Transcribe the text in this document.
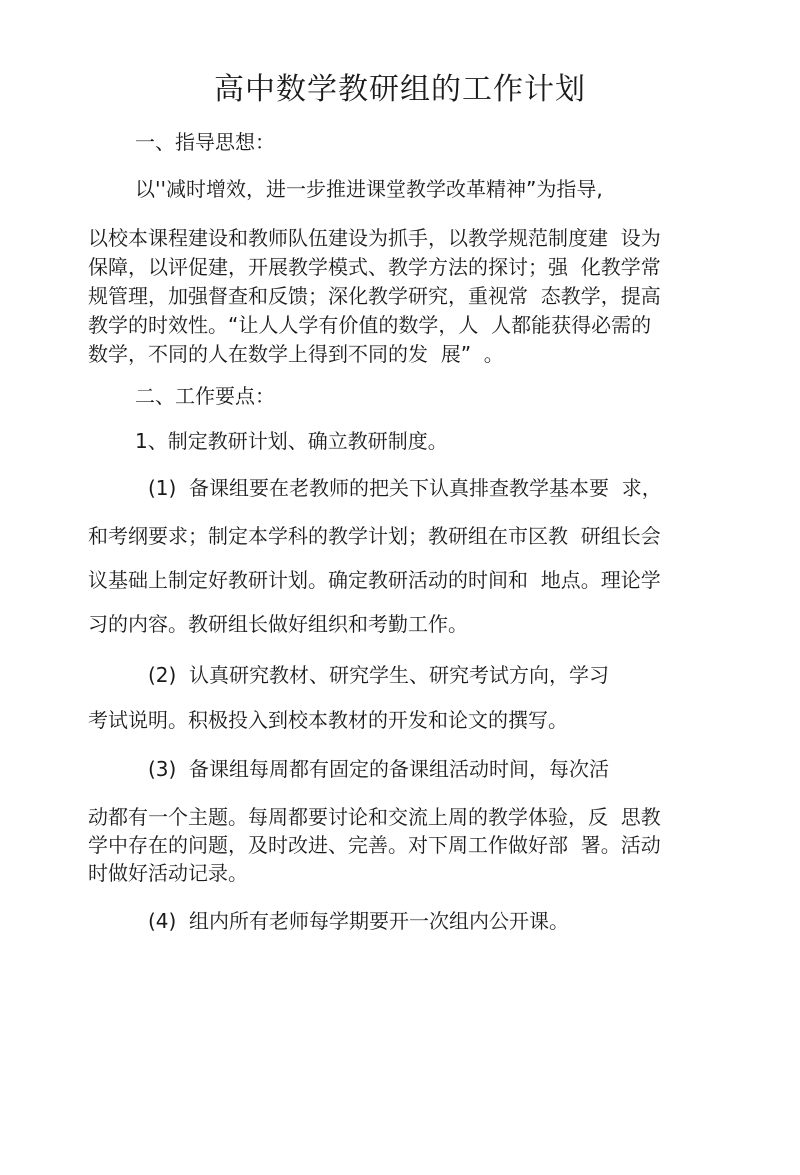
高中数学教研组的工作计划
一、指导思想：
以''减时增效，进一步推进课堂教学改革精神”为指导,
以校本课程建设和教师队伍建设为抓手，以教学规范制度建  设为
保障，以评促建，开展教学模式、教学方法的探讨；强  化教学常
规管理，加强督查和反馈；深化教学研究，重视常  态教学，提高
教学的时效性。“让人人学有价值的数学，人  人都能获得必需的
数学，不同的人在数学上得到不同的发  展”  。
二、工作要点：
1、制定教研计划、确立教研制度。
(1)  备课组要在老教师的把关下认真排查教学基本要  求，
和考纲要求；制定本学科的教学计划；教研组在市区教  研组长会
议基础上制定好教研计划。确定教研活动的时间和  地点。理论学
习的内容。教研组长做好组织和考勤工作。
(2)  认真研究教材、研究学生、研究考试方向，学习
考试说明。积极投入到校本教材的开发和论文的撰写。
(3)  备课组每周都有固定的备课组活动时间，每次活
动都有一个主题。每周都要讨论和交流上周的教学体验，反  思教
学中存在的问题，及时改进、完善。对下周工作做好部  署。活动
时做好活动记录。
(4)  组内所有老师每学期要开一次组内公开课。
